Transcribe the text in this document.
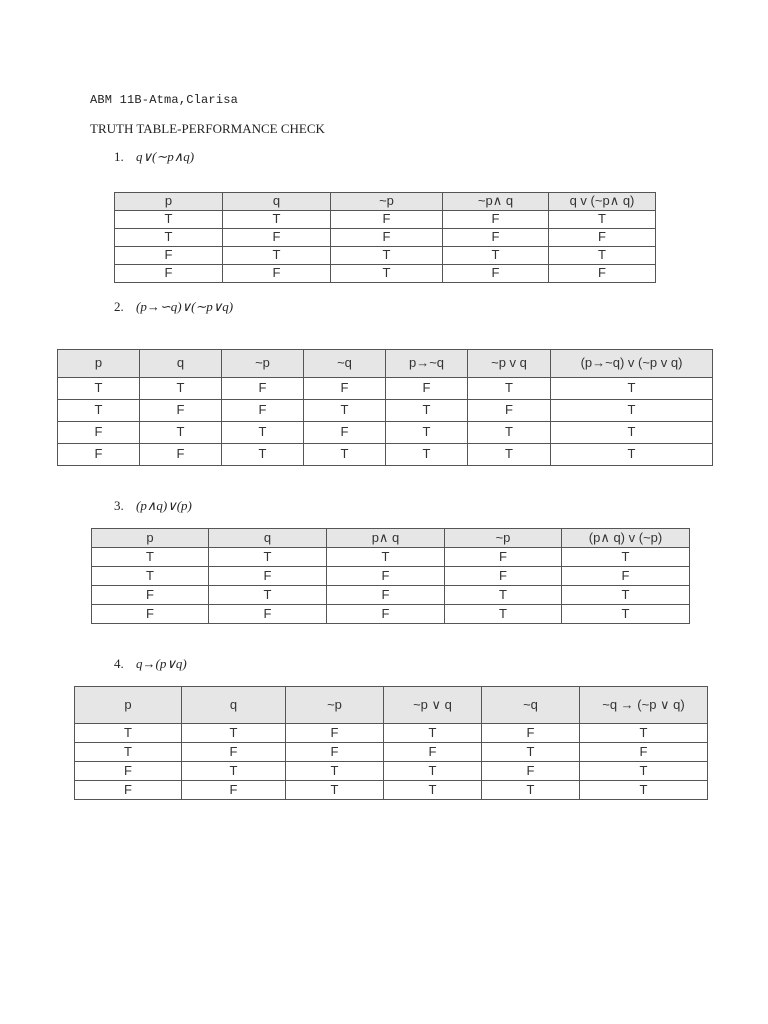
ABM 11B-Atma,Clarisa
TRUTH TABLE-PERFORMANCE CHECK
1. q∨(∼p∧q)
p	q	~p	~p∧ q	q v (~p∧ q)
T	T	F	F	T
T	F	F	F	F
F	T	T	T	T
F	F	T	F	F
2. (p→∽q)∨(∼p∨q)
p	q	~p	~q	p→~q	~p v q	(p→~q) v (~p v q)
T	T	F	F	F	T	T
T	F	F	T	T	F	T
F	T	T	F	T	T	T
F	F	T	T	T	T	T
3. (p∧q)∨(p)
p	q	p∧ q	~p	(p∧ q) v (~p)
T	T	T	F	T
T	F	F	F	F
F	T	F	T	T
F	F	F	T	T
4. q→(p∨q)
p	q	~p	~p ∨ q	~q	~q → (~p ∨ q)
T	T	F	T	F	T
T	F	F	F	T	F
F	T	T	T	F	T
F	F	T	T	T	T
